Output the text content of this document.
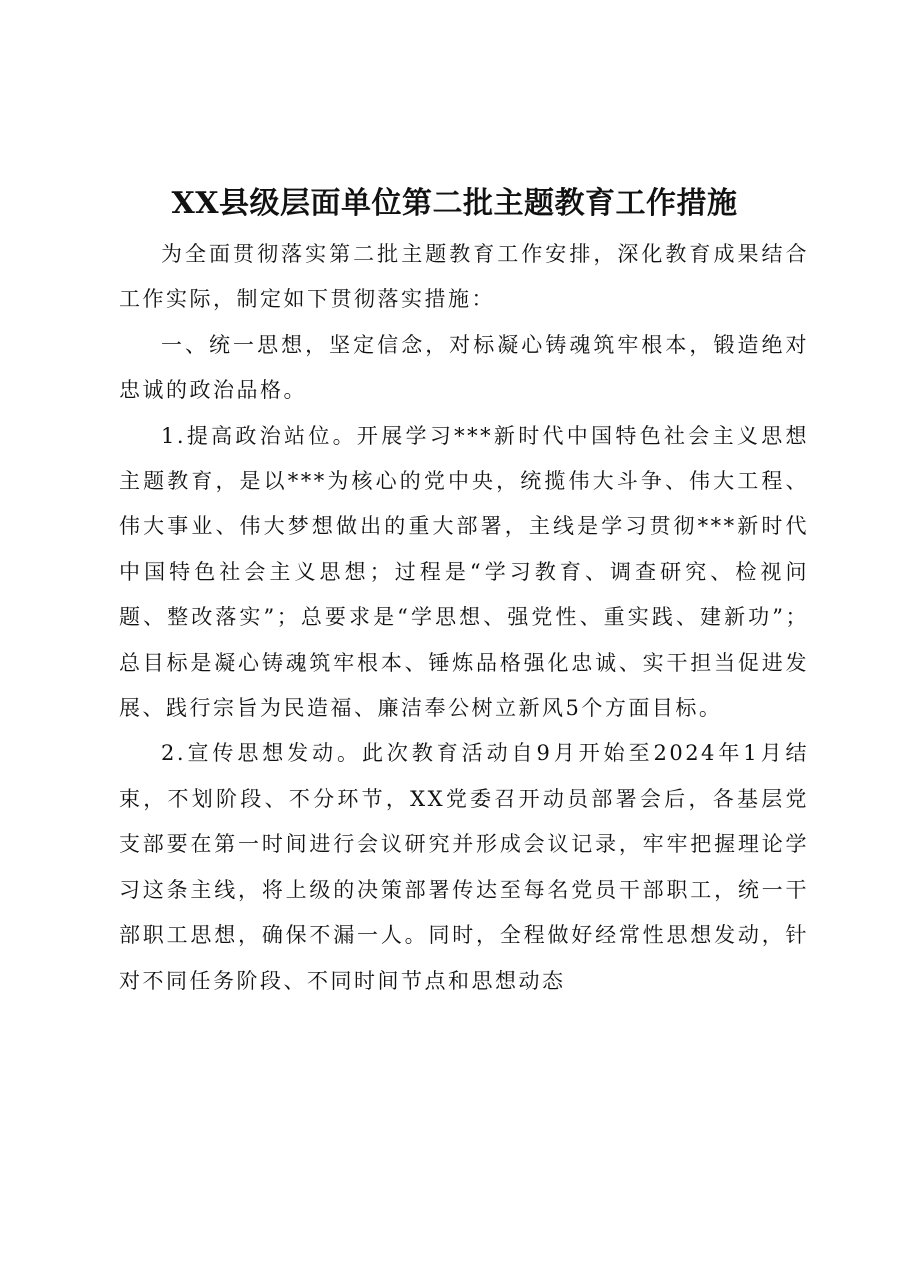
XX县级层面单位第二批主题教育工作措施

为全面贯彻落实第二批主题教育工作安排，深化教育成果结合工作实际，制定如下贯彻落实措施：

一、统一思想，坚定信念，对标凝心铸魂筑牢根本，锻造绝对忠诚的政治品格。

1.提高政治站位。开展学习***新时代中国特色社会主义思想主题教育，是以***为核心的党中央，统揽伟大斗争、伟大工程、伟大事业、伟大梦想做出的重大部署，主线是学习贯彻***新时代中国特色社会主义思想；过程是“学习教育、调查研究、检视问题、整改落实”；总要求是“学思想、强党性、重实践、建新功”；总目标是凝心铸魂筑牢根本、锤炼品格强化忠诚、实干担当促进发展、践行宗旨为民造福、廉洁奉公树立新风5个方面目标。

2.宣传思想发动。此次教育活动自9月开始至2024年1月结束，不划阶段、不分环节，XX党委召开动员部署会后，各基层党支部要在第一时间进行会议研究并形成会议记录，牢牢把握理论学习这条主线，将上级的决策部署传达至每名党员干部职工，统一干部职工思想，确保不漏一人。同时，全程做好经常性思想发动，针对不同任务阶段、不同时间节点和思想动态
